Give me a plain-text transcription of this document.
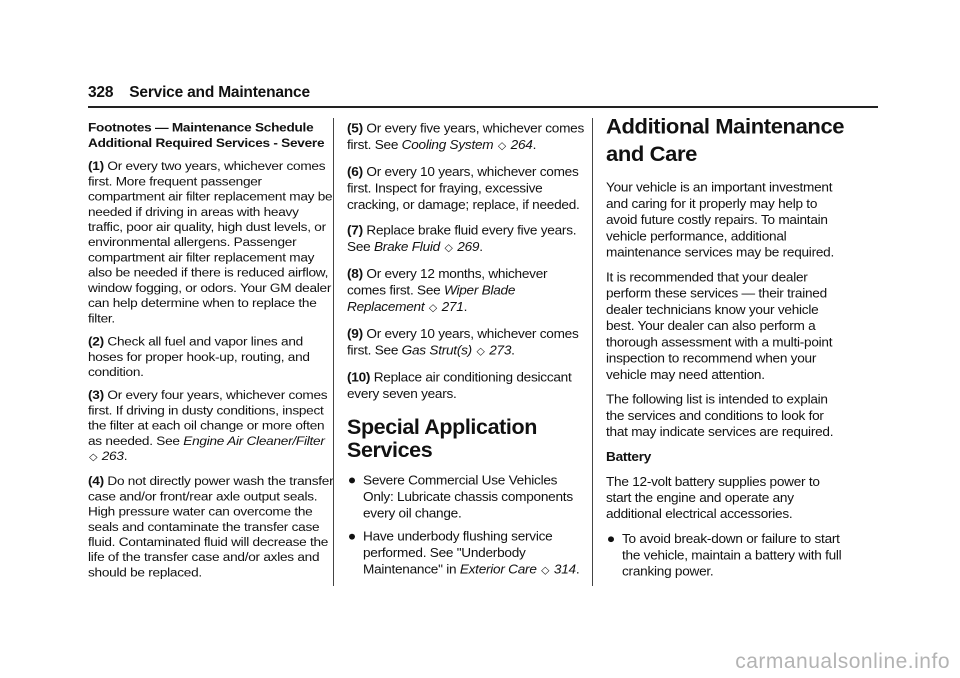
328 Service and Maintenance

Footnotes — Maintenance Schedule
Additional Required Services - Severe

(1) Or every two years, whichever comes first. More frequent passenger compartment air filter replacement may be needed if driving in areas with heavy traffic, poor air quality, high dust levels, or environmental allergens. Passenger compartment air filter replacement may also be needed if there is reduced airflow, window fogging, or odors. Your GM dealer can help determine when to replace the filter.

(2) Check all fuel and vapor lines and hoses for proper hook-up, routing, and condition.

(3) Or every four years, whichever comes first. If driving in dusty conditions, inspect the filter at each oil change or more often as needed. See Engine Air Cleaner/Filter
◇ 263.

(4) Do not directly power wash the transfer case and/or front/rear axle output seals. High pressure water can overcome the seals and contaminate the transfer case fluid. Contaminated fluid will decrease the life of the transfer case and/or axles and should be replaced.

(5) Or every five years, whichever comes first. See Cooling System ◇ 264.

(6) Or every 10 years, whichever comes first. Inspect for fraying, excessive cracking, or damage; replace, if needed.

(7) Replace brake fluid every five years. See Brake Fluid ◇ 269.

(8) Or every 12 months, whichever comes first. See Wiper Blade Replacement ◇ 271.

(9) Or every 10 years, whichever comes first. See Gas Strut(s) ◇ 273.

(10) Replace air conditioning desiccant every seven years.

Special Application Services
Severe Commercial Use Vehicles Only: Lubricate chassis components every oil change.
Have underbody flushing service performed. See "Underbody Maintenance" in Exterior Care ◇ 314.
Additional Maintenance and Care

Your vehicle is an important investment and caring for it properly may help to avoid future costly repairs. To maintain vehicle performance, additional maintenance services may be required.

It is recommended that your dealer perform these services — their trained dealer technicians know your vehicle best. Your dealer can also perform a thorough assessment with a multi-point inspection to recommend when your vehicle may need attention.

The following list is intended to explain the services and conditions to look for that may indicate services are required.

Battery

The 12-volt battery supplies power to start the engine and operate any additional electrical accessories.

To avoid break-down or failure to start the vehicle, maintain a battery with full cranking power.
carmanualsonline.info
